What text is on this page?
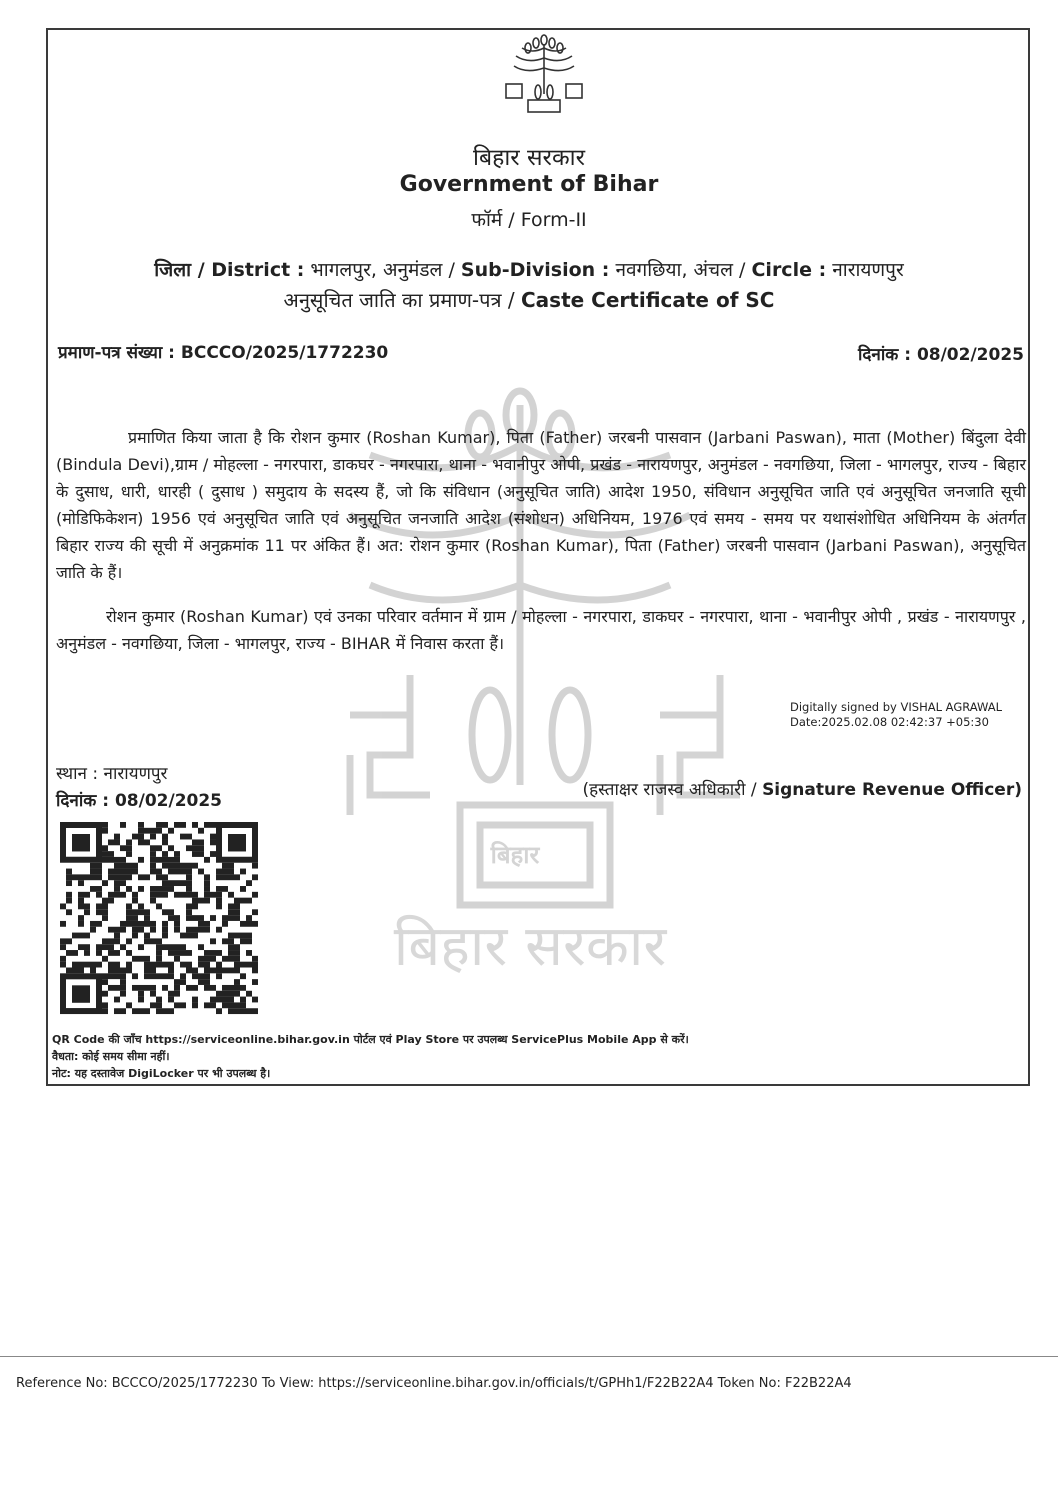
बिहार सरकार
Government of Bihar
फॉर्म / Form-II
जिला / District : भागलपुर, अनुमंडल / Sub-Division : नवगछिया, अंचल / Circle : नारायणपुर
अनुसूचित जाति का प्रमाण-पत्र / Caste Certificate of SC
प्रमाण-पत्र संख्या : BCCCO/2025/1772230	दिनांक : 08/02/2025
बिहार
बिहार सरकार

प्रमाणित किया जाता है कि रोशन कुमार (Roshan Kumar), पिता (Father) जरबनी पासवान (Jarbani Paswan), माता (Mother) बिंदुला देवी (Bindula Devi),ग्राम / मोहल्ला - नगरपारा, डाकघर - नगरपारा, थाना - भवानीपुर ओपी, प्रखंड - नारायणपुर, अनुमंडल - नवगछिया, जिला - भागलपुर, राज्य - बिहार के दुसाध, धारी, धारही ( दुसाध ) समुदाय के सदस्य हैं, जो कि संविधान (अनुसूचित जाति) आदेश 1950, संविधान अनुसूचित जाति एवं अनुसूचित जनजाति सूची (मोडिफिकेशन) 1956 एवं अनुसूचित जाति एवं अनुसूचित जनजाति आदेश (संशोधन) अधिनियम, 1976 एवं समय - समय पर यथासंशोधित अधिनियम के अंतर्गत बिहार राज्य की सूची में अनुक्रमांक 11 पर अंकित हैं। अत: रोशन कुमार (Roshan Kumar), पिता (Father) जरबनी पासवान (Jarbani Paswan), अनुसूचित जाति के हैं।

रोशन कुमार (Roshan Kumar) एवं उनका परिवार वर्तमान में ग्राम / मोहल्ला - नगरपारा, डाकघर - नगरपारा, थाना - भवानीपुर ओपी , प्रखंड - नारायणपुर , अनुमंडल - नवगछिया, जिला - भागलपुर, राज्य - BIHAR में निवास करता हैं।

Digitally signed by VISHAL AGRAWAL
Date:2025.02.08 02:42:37 +05:30
स्थान : नारायणपुर
दिनांक : 08/02/2025
(हस्ताक्षर राजस्व अधिकारी / Signature Revenue Officer)
QR Code की जाँच https://serviceonline.bihar.gov.in पोर्टल एवं Play Store पर उपलब्ध ServicePlus Mobile App से करें।
वैधता: कोई समय सीमा नहीं।
नोट: यह दस्तावेज DigiLocker पर भी उपलब्ध है।
Reference No: BCCCO/2025/1772230 To View: https://serviceonline.bihar.gov.in/officials/t/GPHh1/F22B22A4 Token No: F22B22A4
